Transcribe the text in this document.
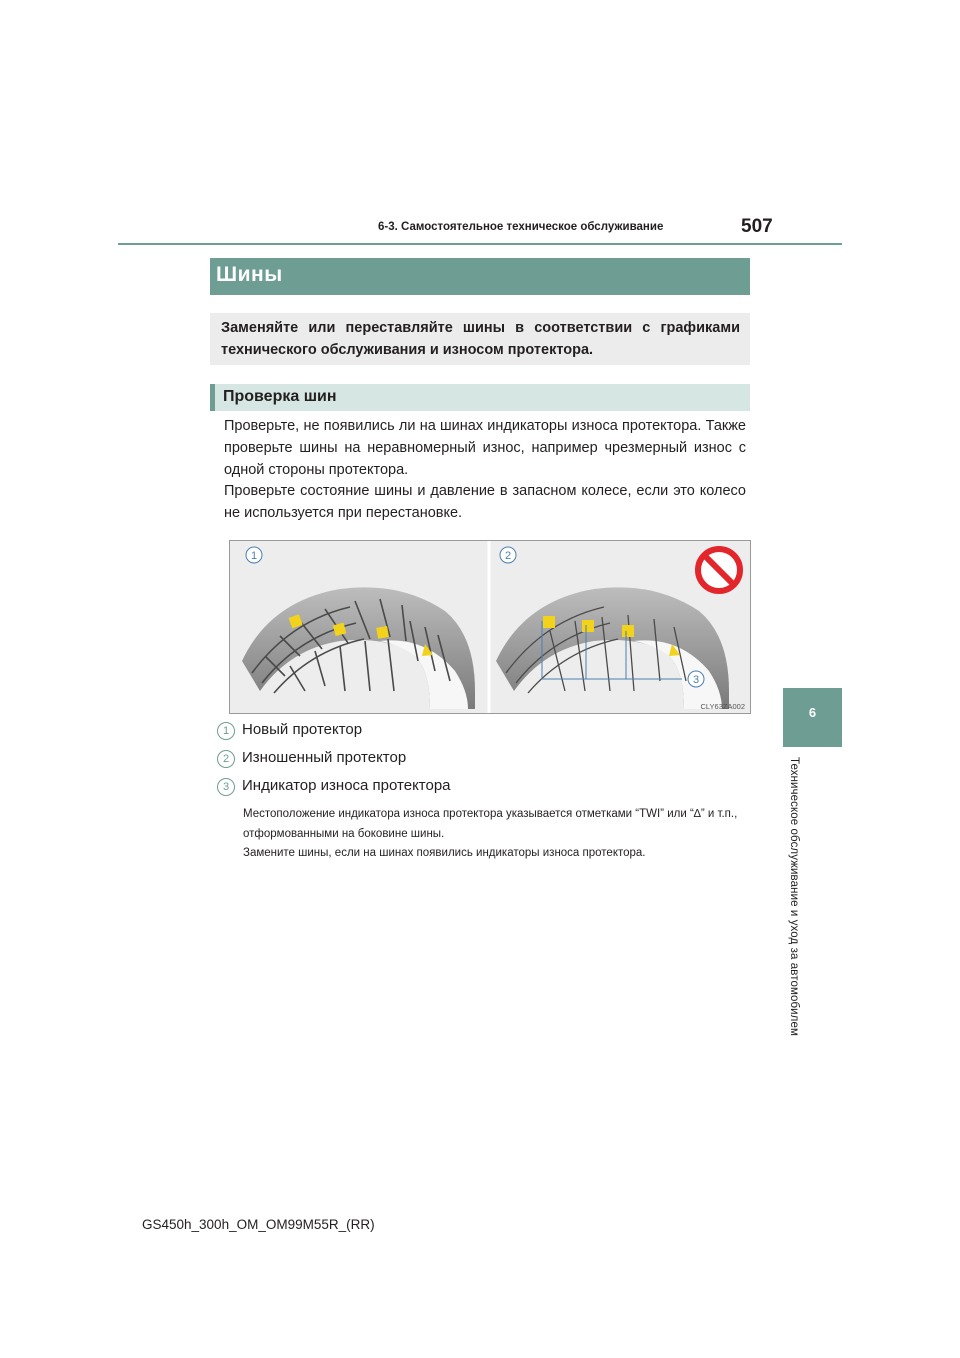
6-3. Самостоятельное техническое обслуживание	507
Шины

Заменяйте или переставляйте шины в соответствии с графиками технического обслуживания и износом протектора.

Проверка шин

Проверьте, не появились ли на шинах индикаторы износа протектора. Также проверьте шины на неравномерный износ, например чрезмерный износ с одной стороны протектора.

Проверьте состояние шины и давление в запасном колесе, если это колесо не используется при перестановке.

1	2
3
CLY63ZA002
1 Новый протектор
2 Изношенный протектор
3 Индикатор износа протектора

Местоположение индикатора износа протектора указывается отметками “TWI” или “∆” и т.п., отформованными на боковине шины.

Замените шины, если на шинах появились индикаторы износа протектора.

6
Техническое обслуживание и уход за автомобилем
GS450h_300h_OM_OM99M55R_(RR)
